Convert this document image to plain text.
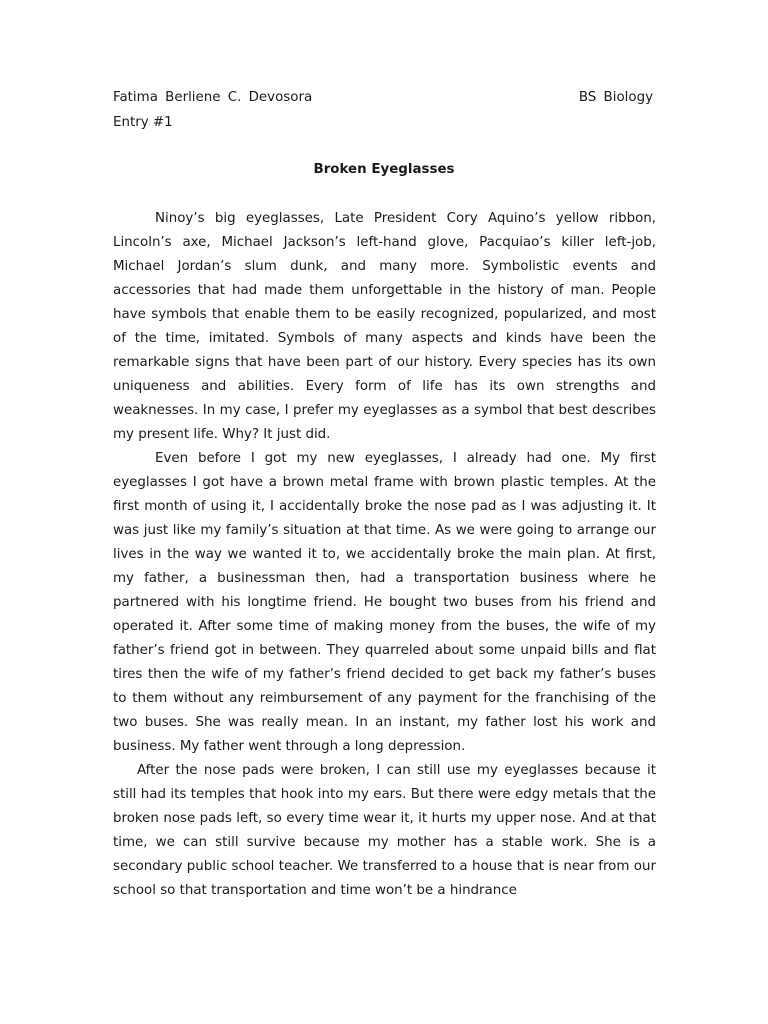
Fatima Berliene C. Devosora	BS Biology
Entry #1
Broken Eyeglasses

Ninoy’s big eyeglasses, Late President Cory Aquino’s yellow ribbon, Lincoln’s axe, Michael Jackson’s left-hand glove, Pacquiao’s killer left-job, Michael Jordan’s slum dunk, and many more. Symbolistic events and accessories that had made them unforgettable in the history of man. People have symbols that enable them to be easily recognized, popularized, and most of the time, imitated. Symbols of many aspects and kinds have been the remarkable signs that have been part of our history. Every species has its own uniqueness and abilities. Every form of life has its own strengths and weaknesses. In my case, I prefer my eyeglasses as a symbol that best describes my present life. Why? It just did.

Even before I got my new eyeglasses, I already had one. My first eyeglasses I got have a brown metal frame with brown plastic temples. At the first month of using it, I accidentally broke the nose pad as I was adjusting it. It was just like my family’s situation at that time. As we were going to arrange our lives in the way we wanted it to, we accidentally broke the main plan. At first, my father, a businessman then, had a transportation business where he partnered with his longtime friend. He bought two buses from his friend and operated it. After some time of making money from the buses, the wife of my father’s friend got in between. They quarreled about some unpaid bills and flat tires then the wife of my father’s friend decided to get back my father’s buses to them without any reimbursement of any payment for the franchising of the two buses. She was really mean. In an instant, my father lost his work and business. My father went through a long depression.

After the nose pads were broken, I can still use my eyeglasses because it still had its temples that hook into my ears. But there were edgy metals that the broken nose pads left, so every time wear it, it hurts my upper nose. And at that time, we can still survive because my mother has a stable work. She is a secondary public school teacher. We transferred to a house that is near from our school so that transportation and time won’t be a hindrance
